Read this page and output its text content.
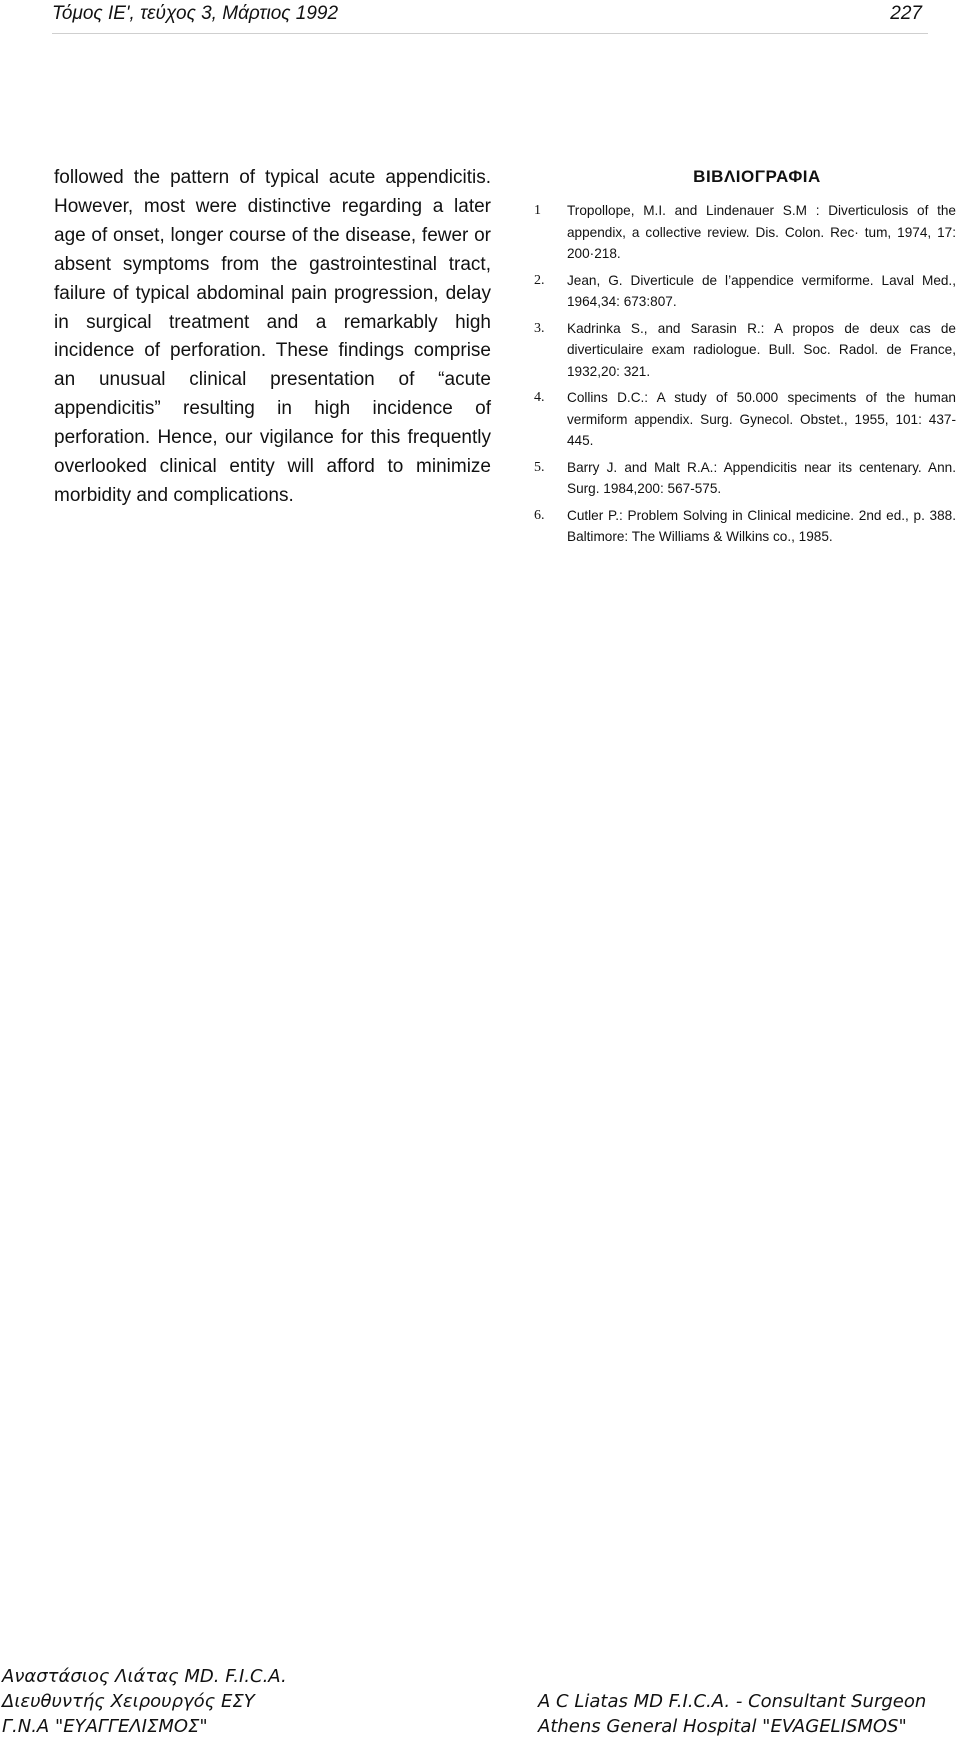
Τόμος ΙΕ', τεύχος 3, Μάρτιος 1992	227

followed the pattern of typical acute appendicitis. However, most were distinctive regarding a later age of onset, longer course of the disease, fewer or absent symptoms from the gastrointestinal tract, failure of typical abdominal pain progression, delay in surgical treatment and a remarkably high incidence of perforation. These findings comprise an unusual clinical presentation of “acute appendicitis” resulting in high incidence of perforation. Hence, our vigilance for this frequently overlooked clinical entity will afford to minimize morbidity and complications.

ΒΙΒΛΙΟΓΡΑΦΙΑ
1 Tropollope, M.I. and Lindenauer S.M : Diverticulosis of the appendix, a collective review. Dis. Colon. Rec· tum, 1974, 17: 200·218.
2. Jean, G. Diverticule de l’appendice vermiforme. Laval Med., 1964,34: 673:807.
3. Kadrinka S., and Sarasin R.: A propos de deux cas de diverticulaire exam radiologue. Bull. Soc. Radol. de France, 1932,20: 321.
4. Collins D.C.: A study of 50.000 speciments of the human vermiform appendix. Surg. Gynecol. Obstet., 1955, 101: 437-445.
5. Barry J. and Malt R.A.: Appendicitis near its centenary. Ann. Surg. 1984,200: 567-575.
6. Cutler P.: Problem Solving in Clinical medicine. 2nd ed., p. 388. Baltimore: The Williams & Wilkins co., 1985.
Αναστάσιος Λιάτας MD. F.I.C.A.
Διευθυντής Χειρουργός ΕΣΥ
Γ.Ν.Α "ΕΥΑΓΓΕΛΙΣΜΟΣ"
A C Liatas MD F.I.C.A. - Consultant Surgeon
Athens General Hospital "EVAGELISMOS"
